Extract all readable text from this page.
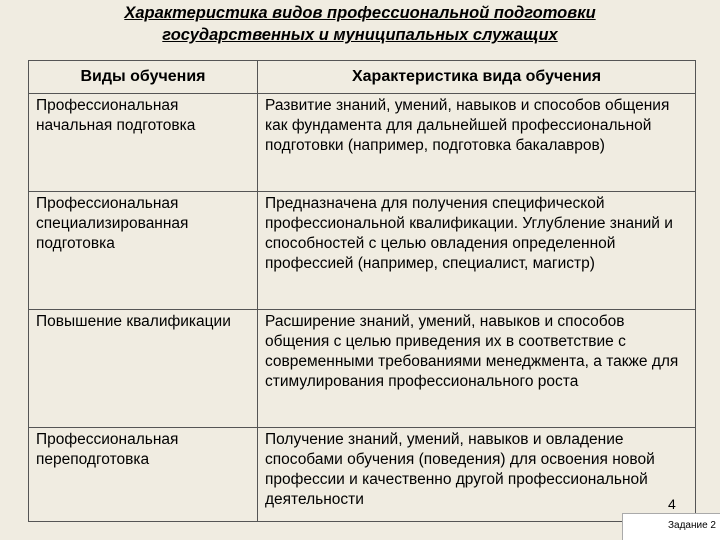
Характеристика видов профессиональной подготовки
государственных и муниципальных служащих
Виды обучения	Характеристика вида обучения
Профессиональная начальная подготовка	Развитие знаний, умений, навыков и способов общения как фундамента для дальнейшей профессиональной подготовки (например, подготовка бакалавров)
Профессиональная специализированная подготовка	Предназначена для получения специфической профессиональной квалификации. Углубление знаний и способностей с целью овладения определенной профессией (например, специалист, магистр)
Повышение квалификации	Расширение знаний, умений, навыков и способов общения с целью приведения их в соответствие с современными требованиями менеджмента, а также для стимулирования профессионального роста
Профессиональная переподготовка	Получение знаний, умений, навыков и овладение способами обучения (поведения) для освоения новой профессии и качественно другой профессиональной деятельности	4
Задание 2
